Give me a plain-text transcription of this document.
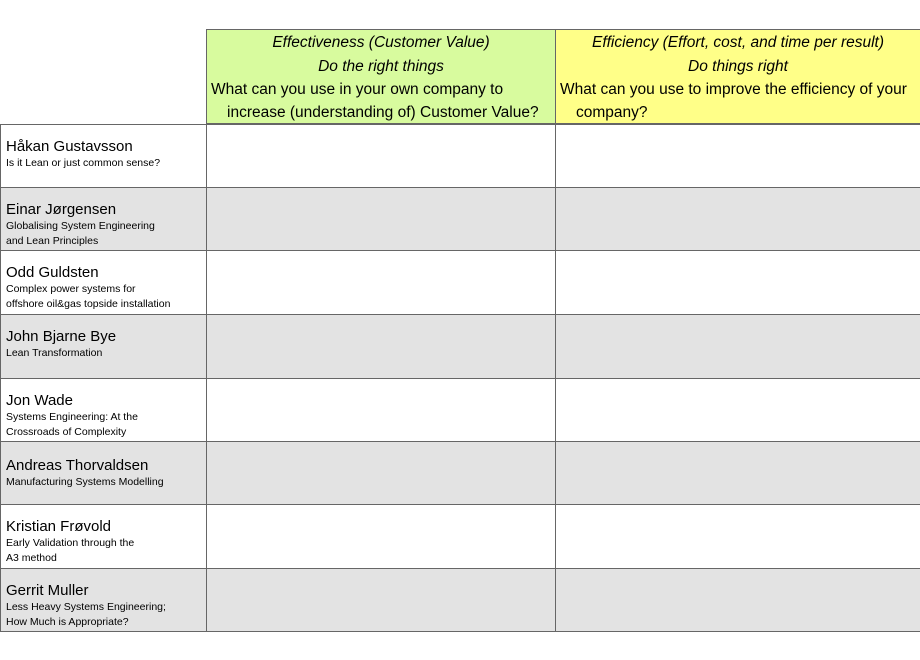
Effectiveness (Customer Value)
Do the right things
What can you use in your own company to
increase (understanding of) Customer Value?
Efficiency (Effort, cost, and time per result)
Do things right
What can you use to improve the efficiency of your
company?
Håkan Gustavsson
Is it Lean or just common sense?
Einar Jørgensen
Globalising System Engineering
and Lean Principles
Odd Guldsten
Complex power systems for
offshore oil&gas topside installation
John Bjarne Bye
Lean Transformation
Jon Wade
Systems Engineering: At the
Crossroads of Complexity
Andreas Thorvaldsen
Manufacturing Systems Modelling
Kristian Frøvold
Early Validation through the
A3 method
Gerrit Muller
Less Heavy Systems Engineering;
How Much is Appropriate?
